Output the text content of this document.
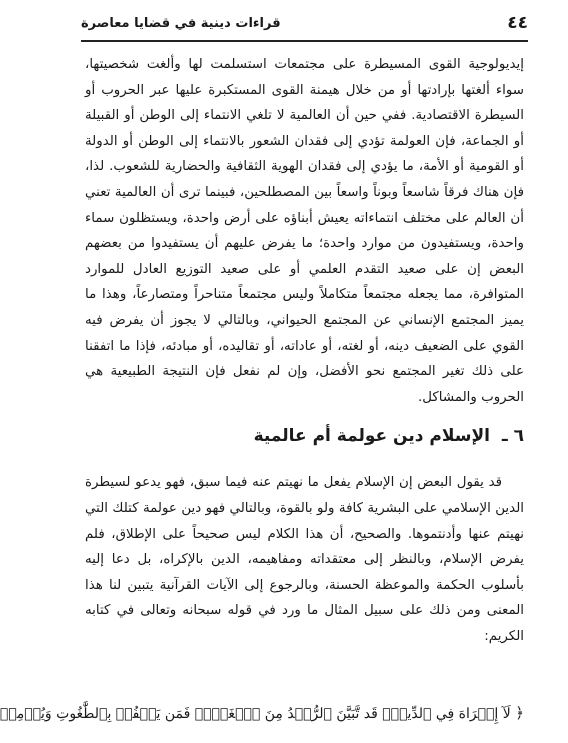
٤٤
قراءات دينية في قضايا معاصرة

إيديولوجية القوى المسيطرة على مجتمعات استسلمت لها وألغت شخصيتها، سواء ألغتها بإرادتها أو من خلال هيمنة القوى المستكبرة عليها عبر الحروب أو السيطرة الاقتصادية. ففي حين أن العالمية لا تلغي الانتماء إلى الوطن أو القبيلة أو الجماعة، فإن العولمة تؤدي إلى فقدان الشعور بالانتماء إلى الوطن أو الدولة أو القومية أو الأمة، ما يؤدي إلى فقدان الهوية الثقافية والحضارية للشعوب. لذا، فإن هناك فرقاً شاسعاً وبوناً واسعاً بين المصطلحين، فبينما ترى أن العالمية تعني أن العالم على مختلف انتماءاته يعيش أبناؤه على أرض واحدة، ويستظلون سماء واحدة، ويستفيدون من موارد واحدة؛ ما يفرض عليهم أن يستفيدوا من بعضهم البعض إن على صعيد التقدم العلمي أو على صعيد التوزيع العادل للموارد المتوافرة، مما يجعله مجتمعاً متكاملاً وليس مجتمعاً متناحراً ومتصارعاً، وهذا ما يميز المجتمع الإنساني عن المجتمع الحيواني، وبالتالي لا يجوز أن يفرض فيه القوي على الضعيف دينه، أو لغته، أو عاداته، أو تقاليده، أو مبادئه، فإذا ما اتفقنا على ذلك تغير المجتمع نحو الأفضل، وإن لم نفعل فإن النتيجة الطبيعية هي الحروب والمشاكل.

٦ ـ الإسلام دين عولمة أم عالمية

قد يقول البعض إن الإسلام يفعل ما نهيتم عنه فيما سبق، فهو يدعو لسيطرة الدين الإسلامي على البشرية كافة ولو بالقوة، وبالتالي فهو دين عولمة كتلك التي نهيتم عنها وأدنتموها. والصحيح، أن هذا الكلام ليس صحيحاً على الإطلاق، فلم يفرض الإسلام، وبالنظر إلى معتقداته ومفاهيمه، الدين بالإكراه، بل دعا إليه بأسلوب الحكمة والموعظة الحسنة، وبالرجوع إلى الآيات القرآنية يتبين لنا هذا المعنى ومن ذلك على سبيل المثال ما ورد في قوله سبحانه وتعالى في كتابه الكريم:

﴿ لَآ إِكۡرَاهَ فِي ٱلدِّينِۖ قَد تَّبَيَّنَ ٱلرُّشۡدُ مِنَ ٱلۡغَيِّۚ فَمَن يَكۡفُرۡ بِٱلطَّٰغُوتِ وَيُؤۡمِنۢ
